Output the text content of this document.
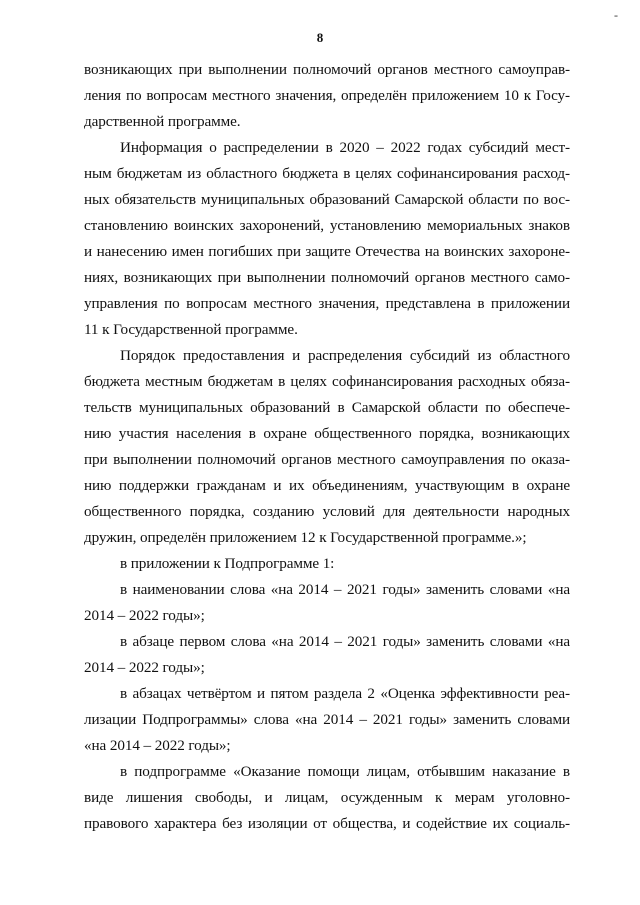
-
8
возникающих при выполнении полномочий органов местного самоуправ-
ления по вопросам местного значения, определён приложением 10 к Госу-
дарственной программе.
Информация о распределении в 2020 – 2022 годах субсидий мест-
ным бюджетам из областного бюджета в целях софинансирования расход-
ных обязательств муниципальных образований Самарской области по вос-
становлению воинских захоронений, установлению мемориальных знаков
и нанесению имен погибших при защите Отечества на воинских захороне-
ниях, возникающих при выполнении полномочий органов местного само-
управления по вопросам местного значения, представлена в приложении
11 к Государственной программе.
Порядок предоставления и распределения субсидий из областного
бюджета местным бюджетам в целях софинансирования расходных обяза-
тельств муниципальных образований в Самарской области по обеспече-
нию участия населения в охране общественного порядка, возникающих
при выполнении полномочий органов местного самоуправления по оказа-
нию поддержки гражданам и их объединениям, участвующим в охране
общественного порядка, созданию условий для деятельности народных
дружин, определён приложением 12 к Государственной программе.»;
в приложении к Подпрограмме 1:
в наименовании слова «на 2014 – 2021 годы» заменить словами «на
2014 – 2022 годы»;
в абзаце первом слова «на 2014 – 2021 годы» заменить словами «на
2014 – 2022 годы»;
в абзацах четвёртом и пятом раздела 2 «Оценка эффективности реа-
лизации Подпрограммы» слова «на 2014 – 2021 годы» заменить словами
«на 2014 – 2022 годы»;
в подпрограмме «Оказание помощи лицам, отбывшим наказание в
виде лишения свободы, и лицам, осужденным к мерам уголовно-
правового характера без изоляции от общества, и содействие их социаль-
